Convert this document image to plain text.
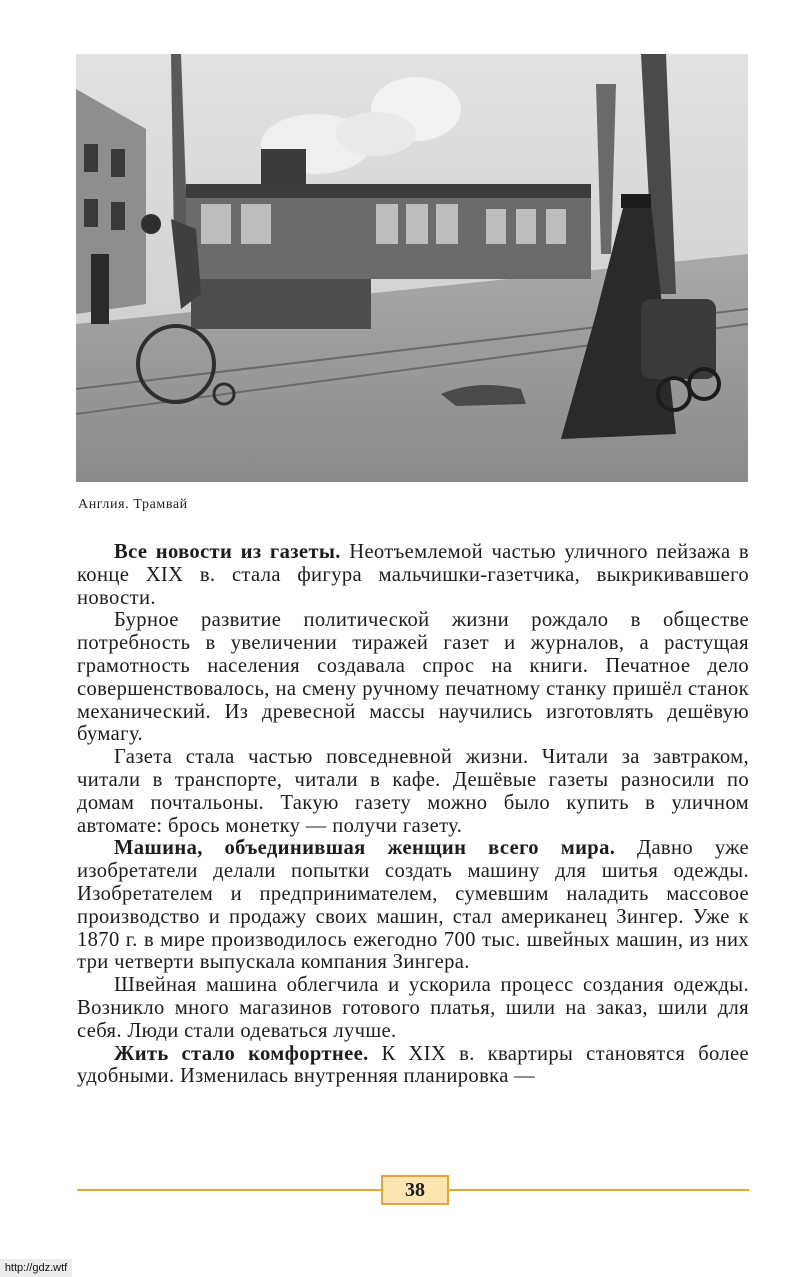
Англия. Трамвай

Все новости из газеты. Неотъемлемой частью уличного пейзажа в конце XIX в. стала фигура мальчишки-газетчика, выкрикивавшего новости.

Бурное развитие политической жизни рождало в обществе потребность в увеличении тиражей газет и журналов, а растущая грамотность населения создавала спрос на книги. Печатное дело совершенствовалось, на смену ручному печатному станку пришёл станок механический. Из древесной массы научились изготовлять дешёвую бумагу.

Газета стала частью повседневной жизни. Читали за завтраком, читали в транспорте, читали в кафе. Дешёвые газеты разносили по домам почтальоны. Такую газету можно было купить в уличном автомате: брось монетку — получи газету.

Машина, объединившая женщин всего мира. Давно уже изобретатели делали попытки создать машину для шитья одежды. Изобретателем и предпринимателем, сумевшим наладить массовое производство и продажу своих машин, стал американец Зингер. Уже к 1870 г. в мире производилось ежегодно 700 тыс. швейных машин, из них три четверти выпускала компания Зингера.

Швейная машина облегчила и ускорила процесс создания одежды. Возникло много магазинов готового платья, шили на заказ, шили для себя. Люди стали одеваться лучше.

Жить стало комфортнее. К XIX в. квартиры становятся более удобными. Изменилась внутренняя планировка —

38
http://gdz.wtf
